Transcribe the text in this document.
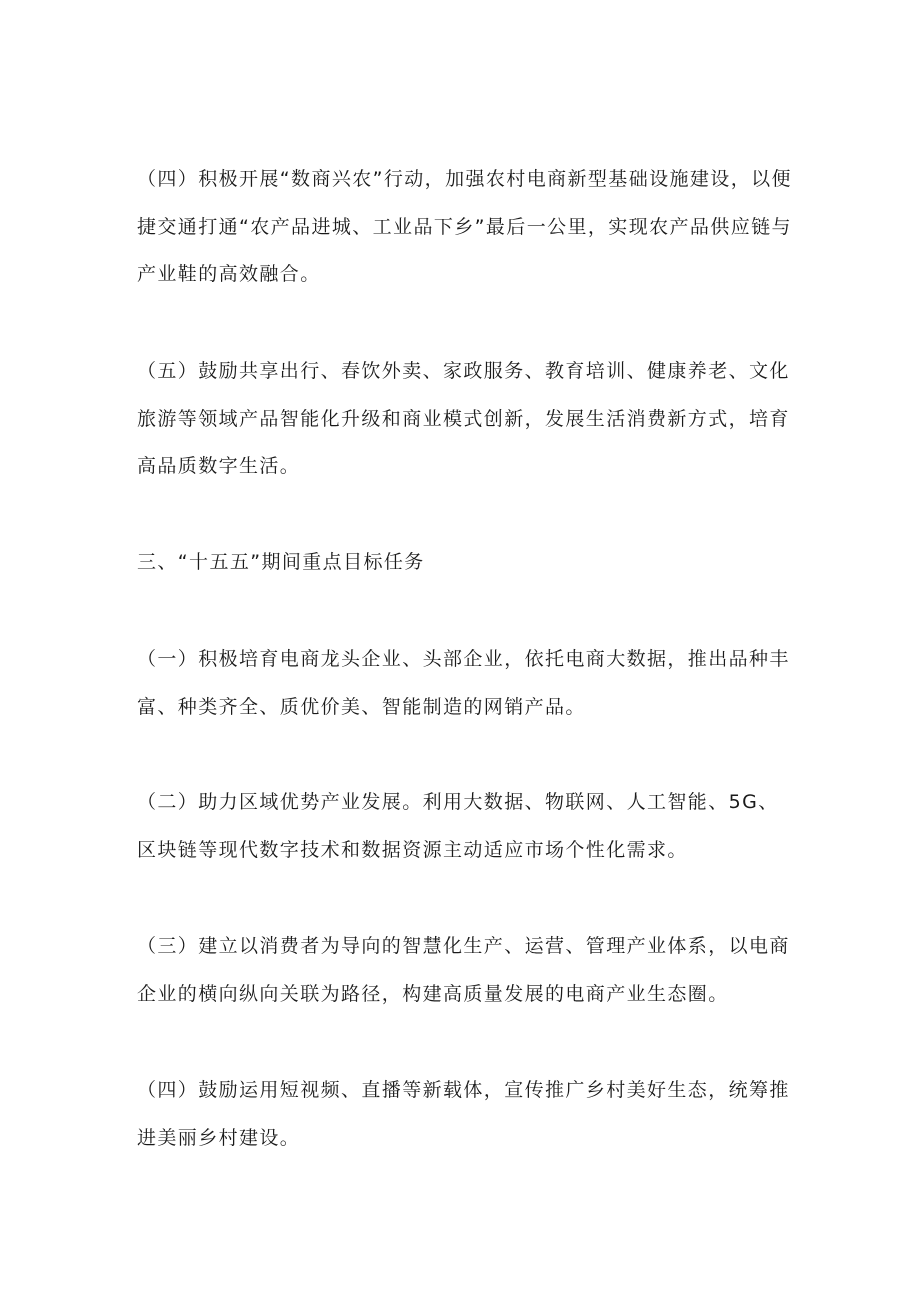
（四）积极开展“数商兴农”行动，加强农村电商新型基础设施建设，以便捷交通打通“农产品进城、工业品下乡”最后一公里，实现农产品供应链与产业鞋的高效融合。

（五）鼓励共享出行、春饮外卖、家政服务、教育培训、健康养老、文化旅游等领域产品智能化升级和商业模式创新，发展生活消费新方式，培育高品质数字生活。

三、“十五五”期间重点目标任务

（一）积极培育电商龙头企业、头部企业，依托电商大数据，推出品种丰富、种类齐全、质优价美、智能制造的网销产品。

（二）助力区域优势产业发展。利用大数据、物联网、人工智能、5G、区块链等现代数字技术和数据资源主动适应市场个性化需求。

（三）建立以消费者为导向的智慧化生产、运营、管理产业体系，以电商企业的横向纵向关联为路径，构建高质量发展的电商产业生态圈。

（四）鼓励运用短视频、直播等新载体，宣传推广乡村美好生态，统筹推进美丽乡村建设。
